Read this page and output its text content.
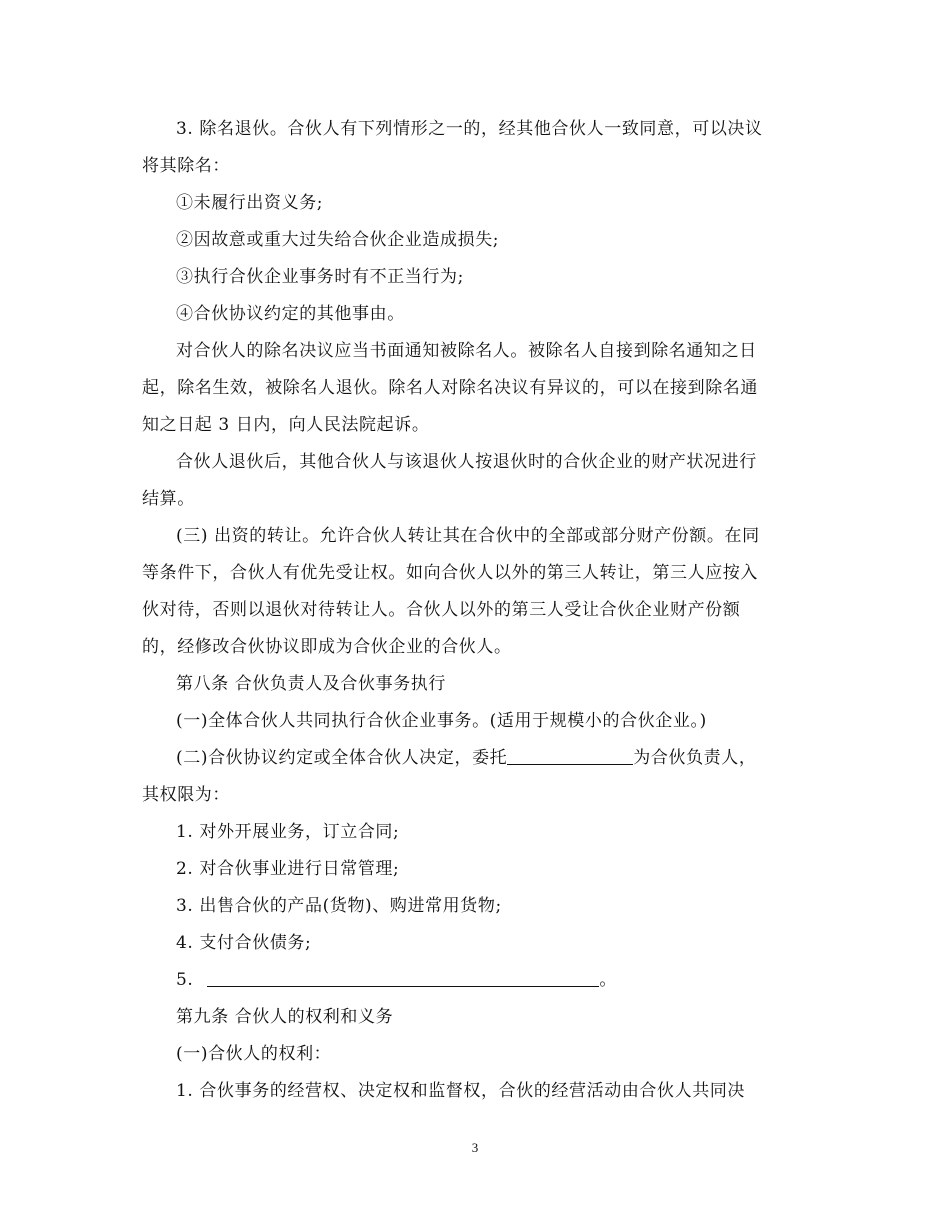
3. 除名退伙。合伙人有下列情形之一的，经其他合伙人一致同意，可以决议
将其除名：
①未履行出资义务;
②因故意或重大过失给合伙企业造成损失;
③执行合伙企业事务时有不正当行为;
④合伙协议约定的其他事由。
对合伙人的除名决议应当书面通知被除名人。被除名人自接到除名通知之日
起，除名生效，被除名人退伙。除名人对除名决议有异议的，可以在接到除名通
知之日起 3 日内，向人民法院起诉。
合伙人退伙后，其他合伙人与该退伙人按退伙时的合伙企业的财产状况进行
结算。
(三) 出资的转让。允许合伙人转让其在合伙中的全部或部分财产份额。在同
等条件下，合伙人有优先受让权。如向合伙人以外的第三人转让，第三人应按入
伙对待，否则以退伙对待转让人。合伙人以外的第三人受让合伙企业财产份额
的，经修改合伙协议即成为合伙企业的合伙人。
第八条 合伙负责人及合伙事务执行
(一)全体合伙人共同执行合伙企业事务。(适用于规模小的合伙企业。)
(二)合伙协议约定或全体合伙人决定，委托	为合伙负责人，
其权限为：
1. 对外开展业务，订立合同;
2. 对合伙事业进行日常管理;
3. 出售合伙的产品(货物)、购进常用货物;
4. 支付合伙债务;
5.	。
第九条 合伙人的权利和义务
(一)合伙人的权利：
1. 合伙事务的经营权、决定权和监督权，合伙的经营活动由合伙人共同决
3
